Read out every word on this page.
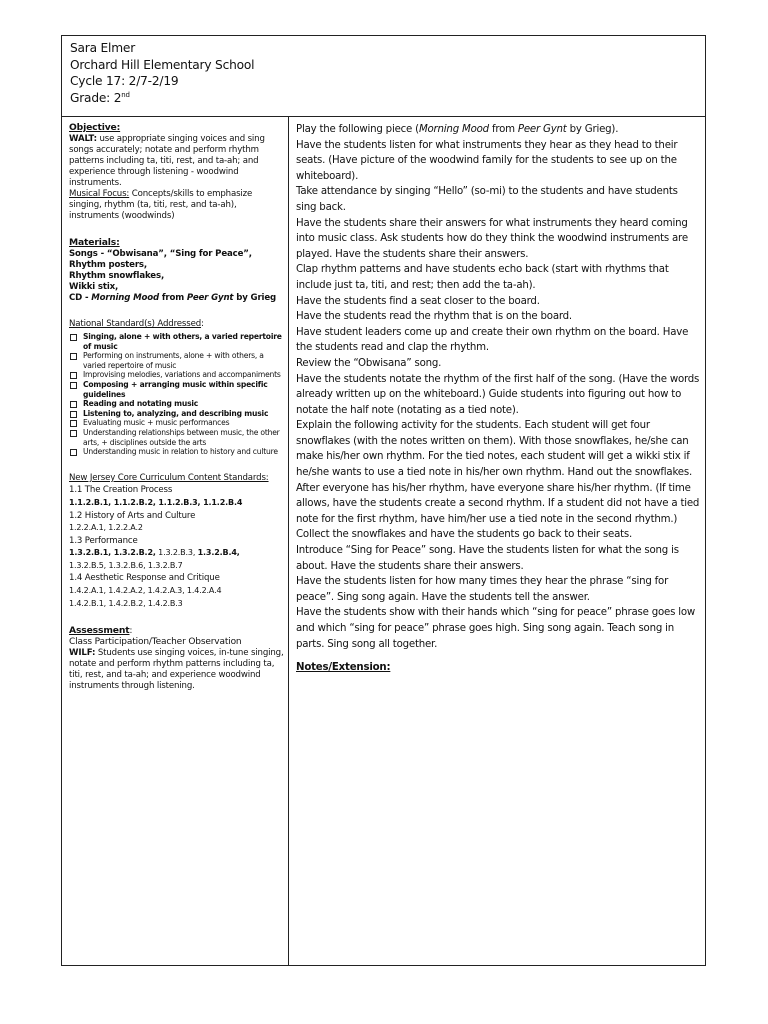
Sara Elmer
Orchard Hill Elementary School
Cycle 17: 2/7-2/19
Grade: 2nd
Objective:
WALT: use appropriate singing voices and sing songs accurately; notate and perform rhythm patterns including ta, titi, rest, and ta-ah; and experience through listening - woodwind instruments.
Musical Focus: Concepts/skills to emphasize singing, rhythm (ta, titi, rest, and ta-ah), instruments (woodwinds)
Materials:
Songs - “Obwisana”, “Sing for Peace”,
Rhythm posters,
Rhythm snowflakes,
Wikki stix,
CD - Morning Mood from Peer Gynt by Grieg
National Standard(s) Addressed:
Singing, alone + with others, a varied repertoire of music
Performing on instruments, alone + with others, a varied repertoire of music
Improvising melodies, variations and accompaniments
Composing + arranging music within specific guidelines
Reading and notating music
Listening to, analyzing, and describing music
Evaluating music + music performances
Understanding relationships between music, the other arts, + disciplines outside the arts
Understanding music in relation to history and culture
New Jersey Core Curriculum Content Standards:
1.1 The Creation Process
1.1.2.B.1, 1.1.2.B.2, 1.1.2.B.3, 1.1.2.B.4
1.2 History of Arts and Culture
1.2.2.A.1, 1.2.2.A.2
1.3 Performance
1.3.2.B.1, 1.3.2.B.2, 1.3.2.B.3, 1.3.2.B.4,
1.3.2.B.5, 1.3.2.B.6, 1.3.2.B.7
1.4 Aesthetic Response and Critique
1.4.2.A.1, 1.4.2.A.2, 1.4.2.A.3, 1.4.2.A.4
1.4.2.B.1, 1.4.2.B.2, 1.4.2.B.3
Assessment:
Class Participation/Teacher Observation
WILF: Students use singing voices, in-tune singing, notate and perform rhythm patterns including ta, titi, rest, and ta-ah; and experience woodwind instruments through listening.

Play the following piece (Morning Mood from Peer Gynt by Grieg).

Have the students listen for what instruments they hear as they head to their seats. (Have picture of the woodwind family for the students to see up on the whiteboard).

Take attendance by singing “Hello” (so-mi) to the students and have students sing back.

Have the students share their answers for what instruments they heard coming into music class. Ask students how do they think the woodwind instruments are played. Have the students share their answers.

Clap rhythm patterns and have students echo back (start with rhythms that include just ta, titi, and rest; then add the ta-ah).

Have the students find a seat closer to the board.

Have the students read the rhythm that is on the board.

Have student leaders come up and create their own rhythm on the board. Have the students read and clap the rhythm.

Review the “Obwisana” song.

Have the students notate the rhythm of the first half of the song. (Have the words already written up on the whiteboard.) Guide students into figuring out how to notate the half note (notating as a tied note).

Explain the following activity for the students. Each student will get four snowflakes (with the notes written on them). With those snowflakes, he/she can make his/her own rhythm. For the tied notes, each student will get a wikki stix if he/she wants to use a tied note in his/her own rhythm. Hand out the snowflakes.

After everyone has his/her rhythm, have everyone share his/her rhythm. (If time allows, have the students create a second rhythm. If a student did not have a tied note for the first rhythm, have him/her use a tied note in the second rhythm.)

Collect the snowflakes and have the students go back to their seats.

Introduce “Sing for Peace” song. Have the students listen for what the song is about. Have the students share their answers.

Have the students listen for how many times they hear the phrase “sing for peace”. Sing song again. Have the students tell the answer.

Have the students show with their hands which “sing for peace” phrase goes low and which “sing for peace” phrase goes high. Sing song again. Teach song in parts. Sing song all together.

Notes/Extension:
